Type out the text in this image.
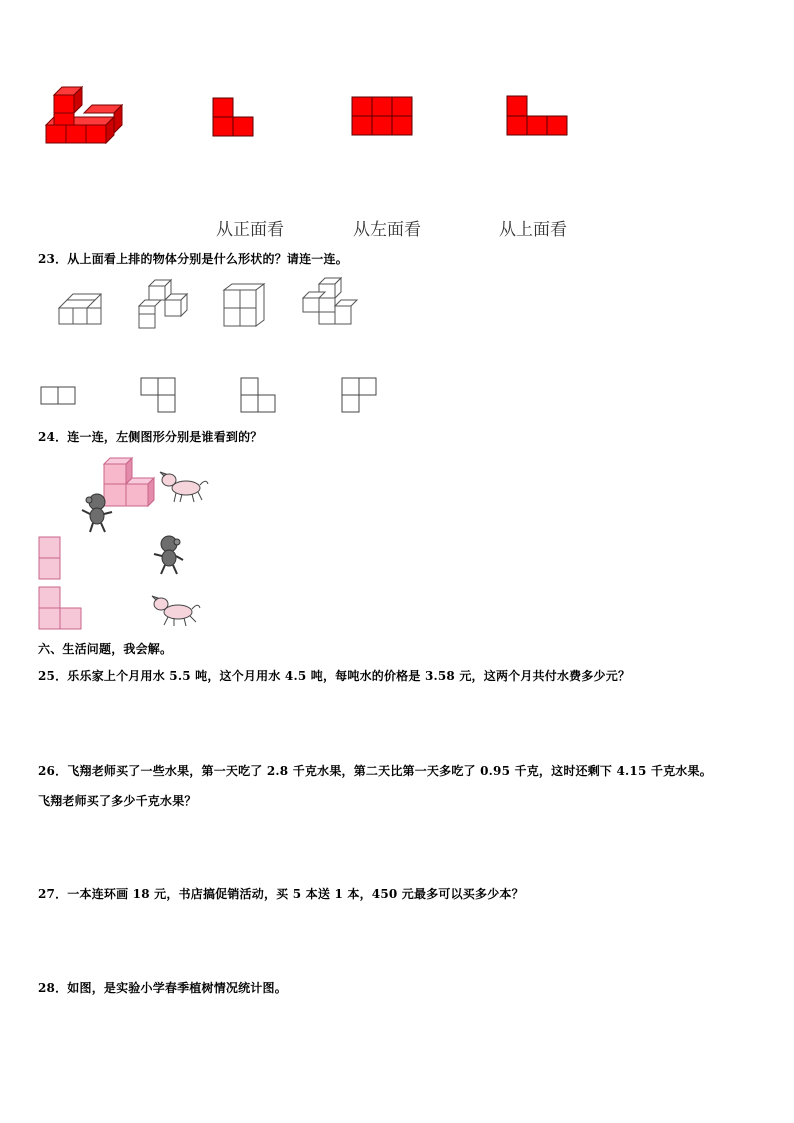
从正面看	从左面看	从上面看
23．从上面看上排的物体分别是什么形状的？请连一连。
24．连一连，左侧图形分别是谁看到的？
六、生活问题，我会解。
25．乐乐家上个月用水 5.5 吨，这个月用水 4.5 吨，每吨水的价格是 3.58 元，这两个月共付水费多少元？
26．飞翔老师买了一些水果，第一天吃了 2.8 千克水果，第二天比第一天多吃了 0.95 千克，这时还剩下 4.15 千克水果。
飞翔老师买了多少千克水果？
27．一本连环画 18 元，书店搞促销活动，买 5 本送 1 本，450 元最多可以买多少本？
28．如图，是实验小学春季植树情况统计图。
